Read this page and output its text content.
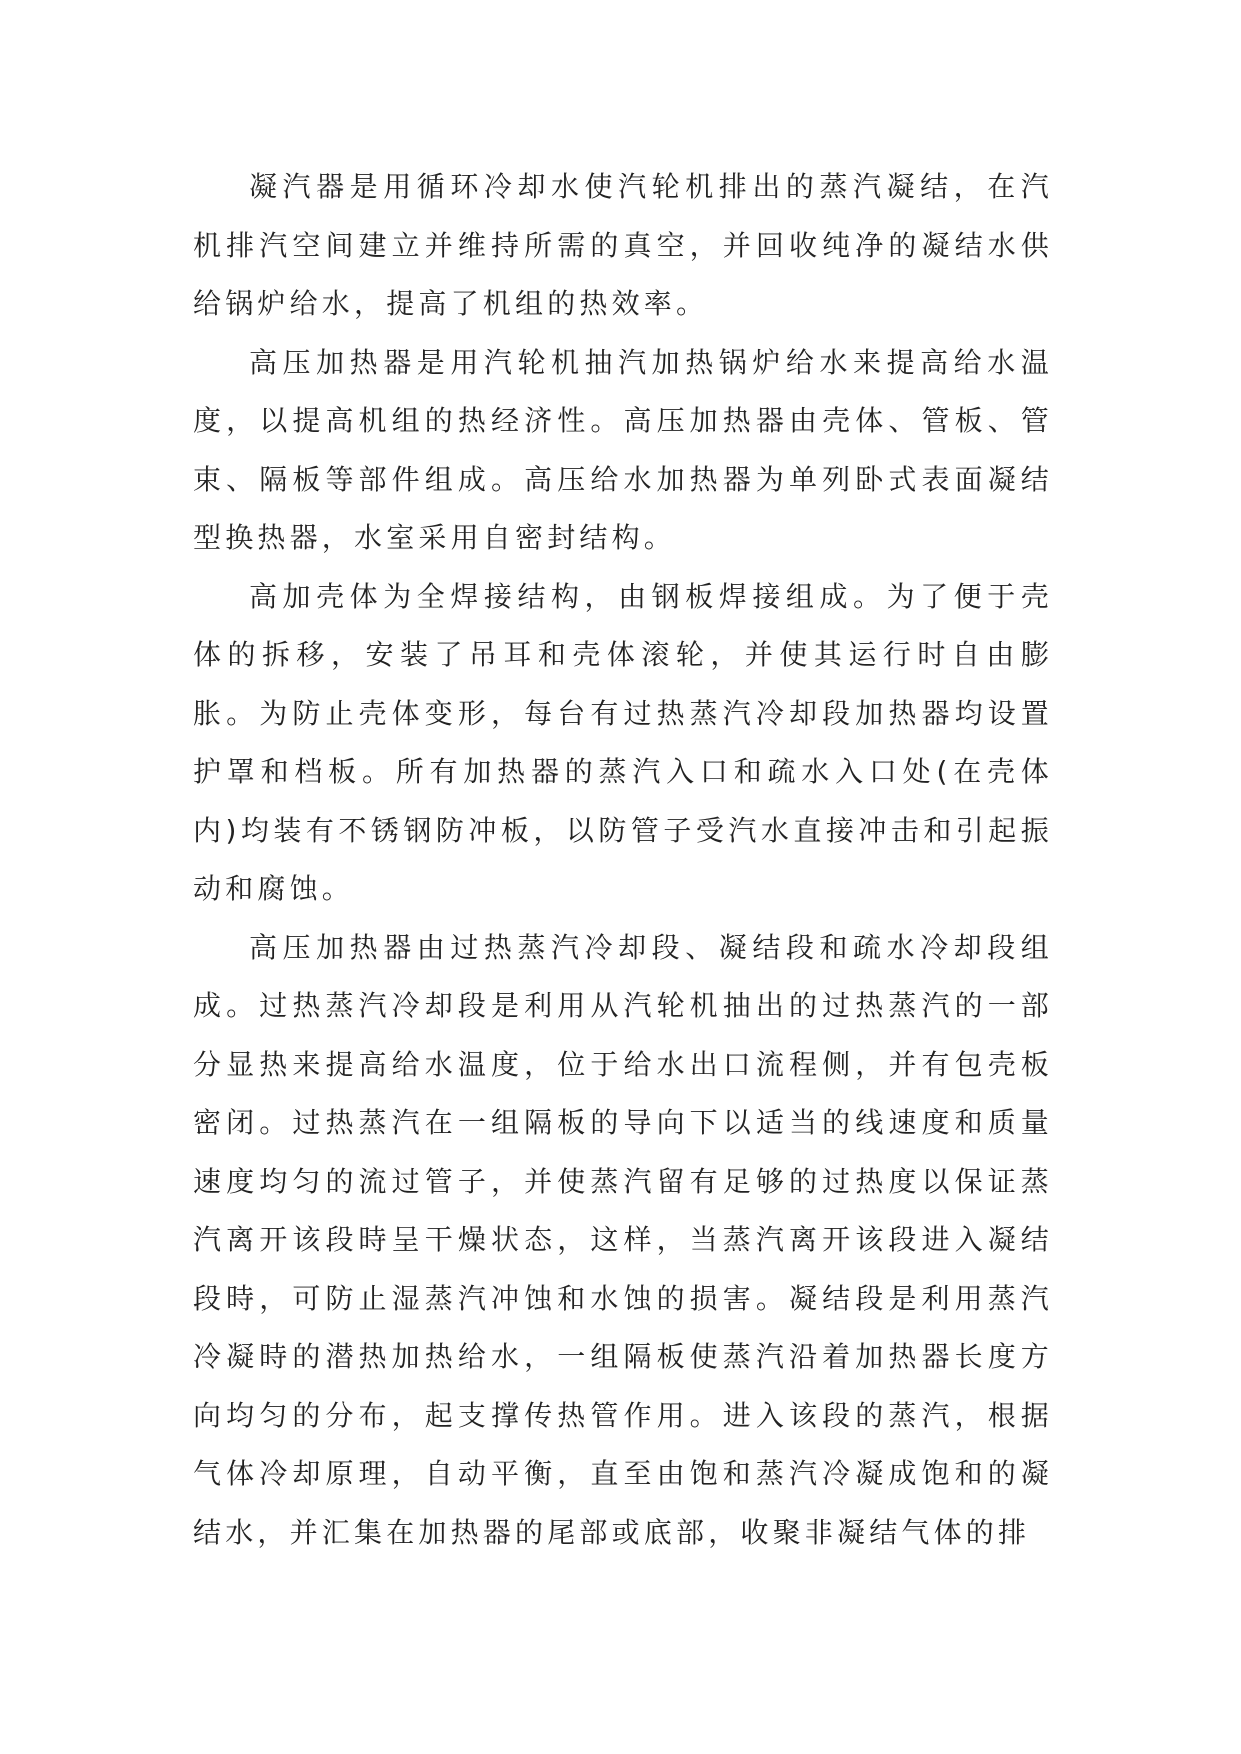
凝汽器是用循环冷却水使汽轮机排出的蒸汽凝结，在汽机排汽空间建立并维持所需的真空，并回收纯净的凝结水供给锅炉给水，提高了机组的热效率。

高压加热器是用汽轮机抽汽加热锅炉给水来提高给水温度，以提高机组的热经济性。高压加热器由壳体、管板、管束、隔板等部件组成。高压给水加热器为单列卧式表面凝结型换热器，水室采用自密封结构。

高加壳体为全焊接结构，由钢板焊接组成。为了便于壳体的拆移，安装了吊耳和壳体滚轮，并使其运行时自由膨胀。为防止壳体变形，每台有过热蒸汽冷却段加热器均设置护罩和档板。所有加热器的蒸汽入口和疏水入口处(在壳体内)均装有不锈钢防冲板，以防管子受汽水直接冲击和引起振动和腐蚀。

高压加热器由过热蒸汽冷却段、凝结段和疏水冷却段组成。过热蒸汽冷却段是利用从汽轮机抽出的过热蒸汽的一部分显热来提高给水温度，位于给水出口流程侧，并有包壳板密闭。过热蒸汽在一组隔板的导向下以适当的线速度和质量速度均匀的流过管子，并使蒸汽留有足够的过热度以保证蒸汽离开该段時呈干燥状态，这样，当蒸汽离开该段进入凝结段時，可防止湿蒸汽冲蚀和水蚀的损害。凝结段是利用蒸汽冷凝時的潜热加热给水，一组隔板使蒸汽沿着加热器长度方向均匀的分布，起支撑传热管作用。进入该段的蒸汽，根据气体冷却原理，自动平衡，直至由饱和蒸汽冷凝成饱和的凝结水，并汇集在加热器的尾部或底部，收聚非凝结气体的排
